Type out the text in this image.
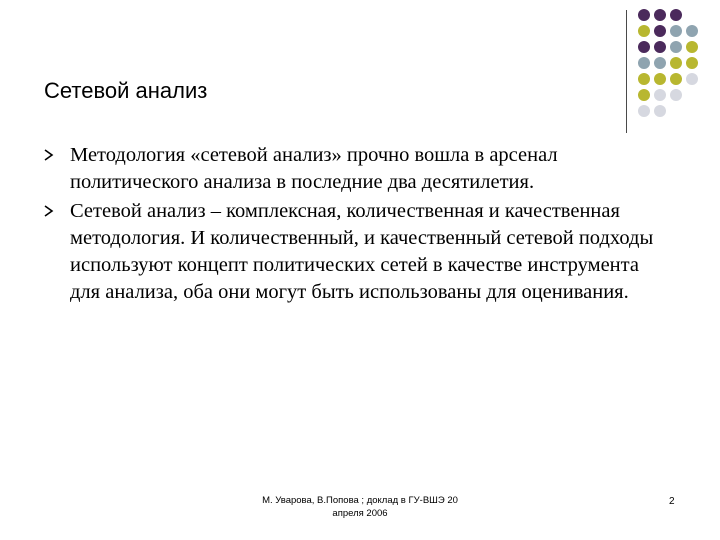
Сетевой анализ
Методология «сетевой анализ» прочно вошла в арсенал политического анализа в последние два десятилетия.
Сетевой анализ – комплексная, количественная и качественная методология. И количественный, и качественный сетевой подходы используют концепт политических сетей в качестве инструмента для анализа, оба они могут быть использованы для оценивания.
М. Уварова, В.Попова ; доклад в ГУ-ВШЭ 20
апреля 2006
2
